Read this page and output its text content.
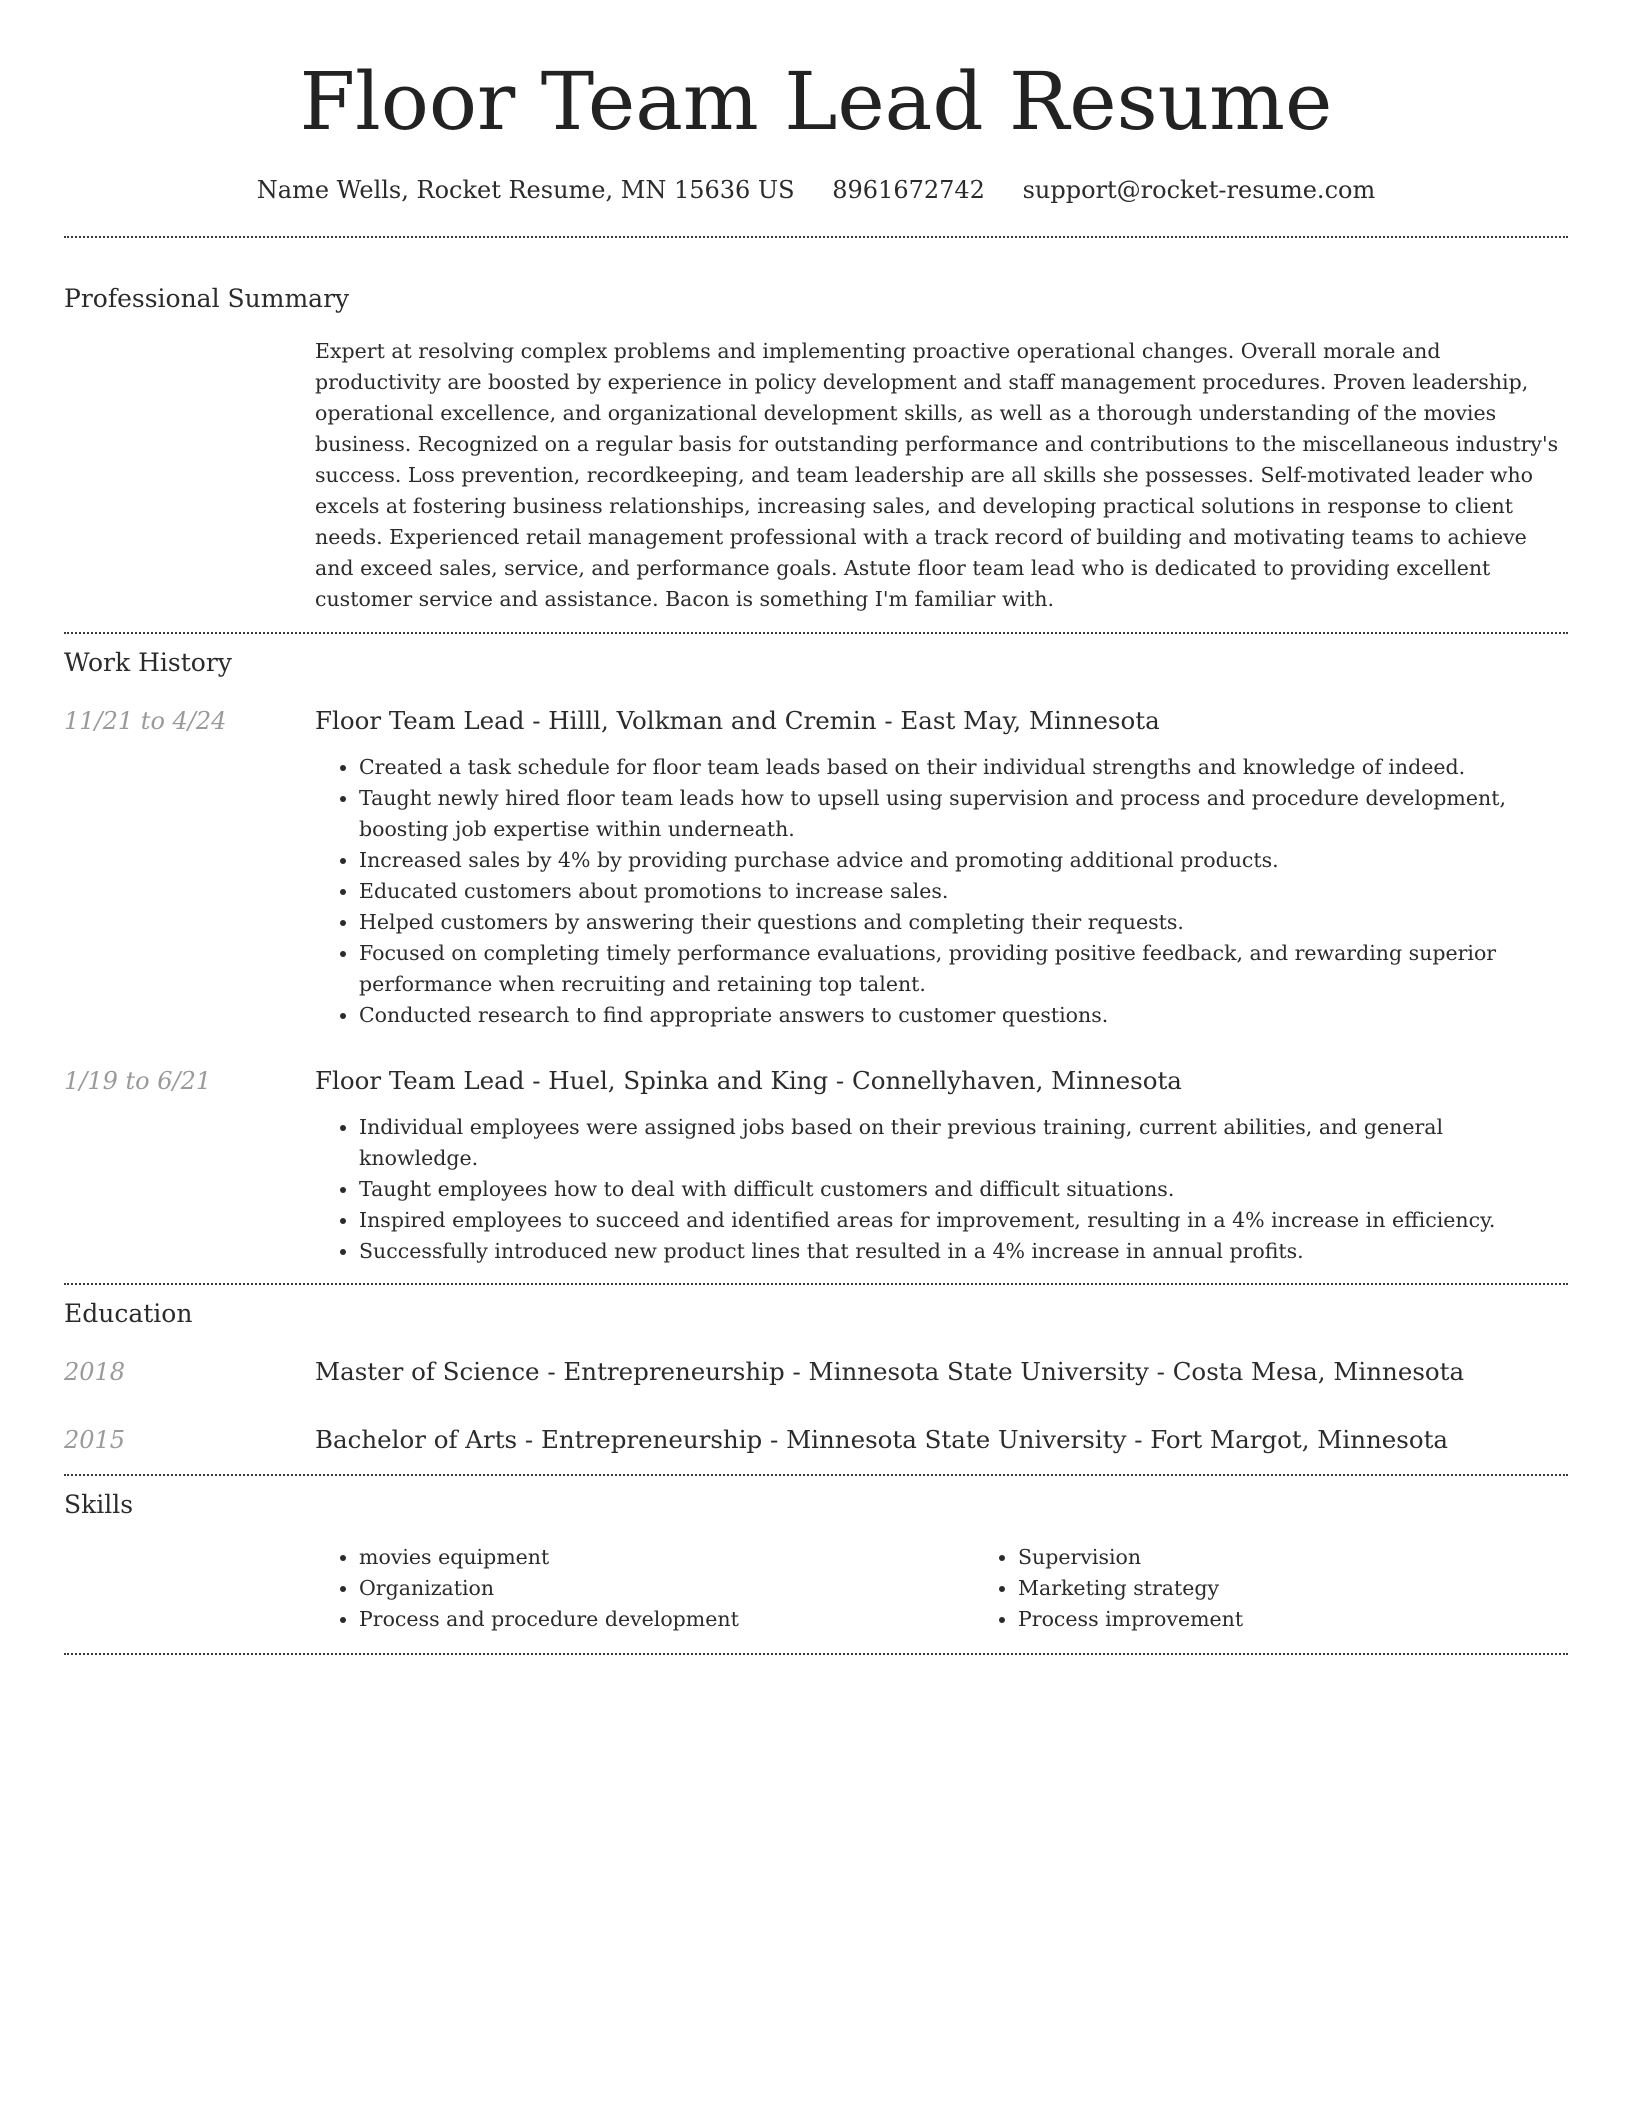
Floor Team Lead Resume
Name Wells, Rocket Resume, MN 15636 US 8961672742 support@rocket-resume.com
Professional Summary
Expert at resolving complex problems and implementing proactive operational changes. Overall morale and productivity are boosted by experience in policy development and staff management procedures. Proven leadership, operational excellence, and organizational development skills, as well as a thorough understanding of the movies business. Recognized on a regular basis for outstanding performance and contributions to the miscellaneous industry's success. Loss prevention, recordkeeping, and team leadership are all skills she possesses. Self-motivated leader who excels at fostering business relationships, increasing sales, and developing practical solutions in response to client needs. Experienced retail management professional with a track record of building and motivating teams to achieve and exceed sales, service, and performance goals. Astute floor team lead who is dedicated to providing excellent customer service and assistance. Bacon is something I'm familiar with.
Work History
11/21 to 4/24	Floor Team Lead - Hilll, Volkman and Cremin - East May, Minnesota
• Created a task schedule for floor team leads based on their individual strengths and knowledge of indeed.
• Taught newly hired floor team leads how to upsell using supervision and process and procedure development, boosting job expertise within underneath.
• Increased sales by 4% by providing purchase advice and promoting additional products.
• Educated customers about promotions to increase sales.
• Helped customers by answering their questions and completing their requests.
• Focused on completing timely performance evaluations, providing positive feedback, and rewarding superior performance when recruiting and retaining top talent.
• Conducted research to find appropriate answers to customer questions.
1/19 to 6/21	Floor Team Lead - Huel, Spinka and King - Connellyhaven, Minnesota
• Individual employees were assigned jobs based on their previous training, current abilities, and general knowledge.
• Taught employees how to deal with difficult customers and difficult situations.
• Inspired employees to succeed and identified areas for improvement, resulting in a 4% increase in efficiency.
• Successfully introduced new product lines that resulted in a 4% increase in annual profits.
Education
2018	Master of Science - Entrepreneurship - Minnesota State University - Costa Mesa, Minnesota
2015	Bachelor of Arts - Entrepreneurship - Minnesota State University - Fort Margot, Minnesota
Skills
• movies equipment
• Organization
• Process and procedure development
• Supervision
• Marketing strategy
• Process improvement
